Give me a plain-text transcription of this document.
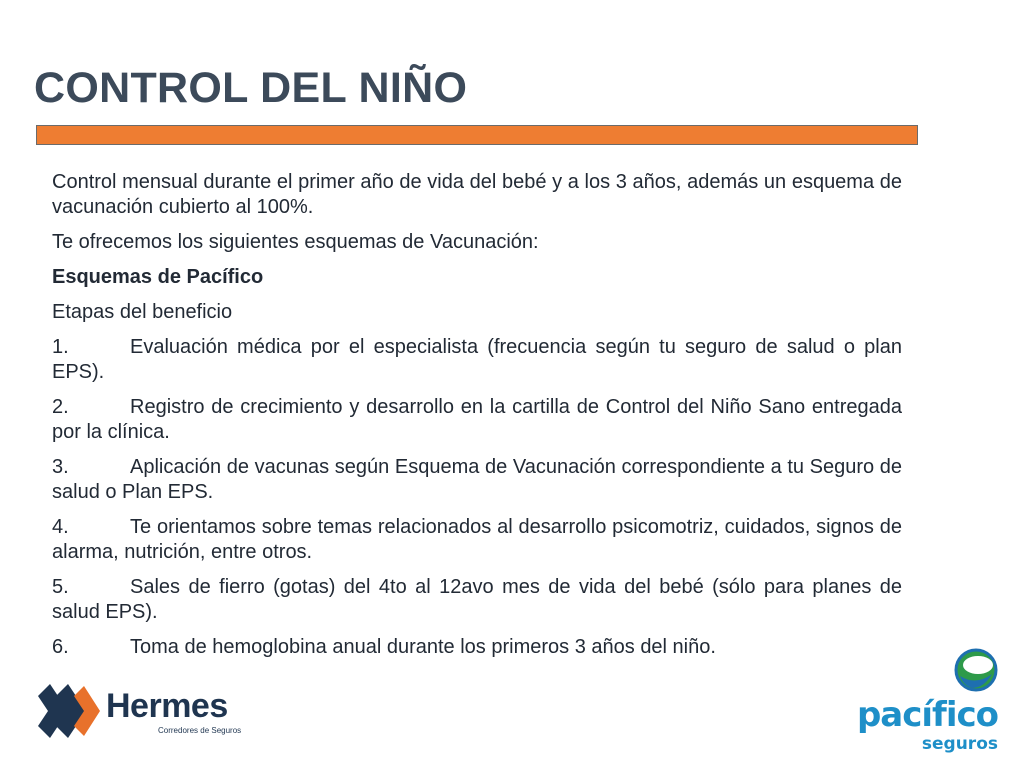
CONTROL DEL NIÑO

Control mensual durante el primer año de vida del bebé y a los 3 años, además un esquema de vacunación cubierto al 100%.

Te ofrecemos los siguientes esquemas de Vacunación:

Esquemas de Pacífico

Etapas del beneficio

1.	Evaluación médica por el especialista (frecuencia según tu seguro de salud o plan EPS).

2.	Registro de crecimiento y desarrollo en la cartilla de Control del Niño Sano entregada por la clínica.

3.	Aplicación de vacunas según Esquema de Vacunación correspondiente a tu Seguro de salud o Plan EPS.

4.	Te orientamos sobre temas relacionados al desarrollo psicomotriz, cuidados, signos de alarma, nutrición, entre otros.

5.	Sales de fierro (gotas) del 4to al 12avo mes de vida del bebé (sólo para planes de salud EPS).

6.	Toma de hemoglobina anual durante los primeros 3 años del niño.

Hermes
Corredores de Seguros	pacífico
seguros
